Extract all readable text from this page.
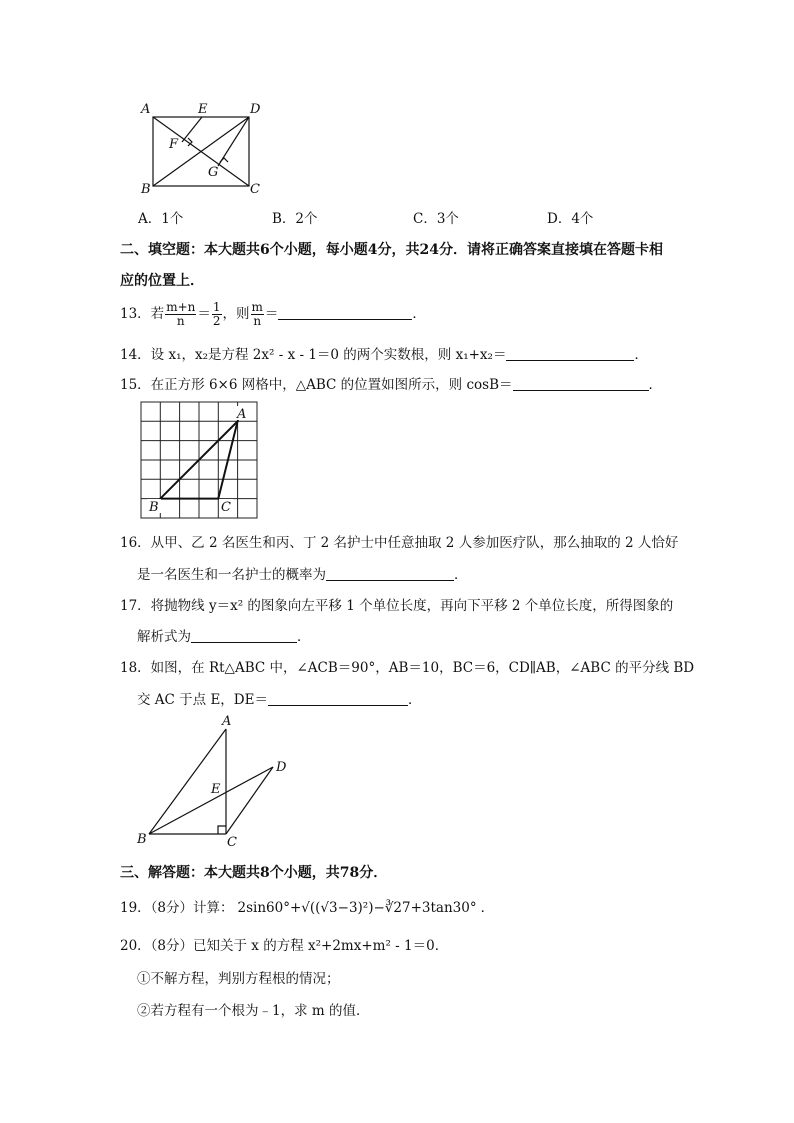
A	E	D
F
G
B	C
A．1个	B．2个	C．3个	D．4个
二、填空题：本大题共6个小题，每小题4分，共24分．请将正确答案直接填在答题卡相
应的位置上．
13．若 $\frac{m+n}{n} = \frac{1}{2}$ ，则 $\frac{m}{n}$ ＝	．
14．设 x₁，x₂是方程 2x² - x - 1＝0 的两个实数根，则 x₁+x₂＝	．
15．在正方形 6×6 网格中，△ABC 的位置如图所示，则 cosB＝	．
A
B	C
16．从甲、乙 2 名医生和丙、丁 2 名护士中任意抽取 2 人参加医疗队，那么抽取的 2 人恰好
是一名医生和一名护士的概率为	．
17．将抛物线 y＝x² 的图象向左平移 1 个单位长度，再向下平移 2 个单位长度，所得图象的
解析式为	．
18．如图，在 Rt△ABC 中，∠ACB＝90°，AB＝10，BC＝6，CD∥AB，∠ABC 的平分线 BD
交 AC 于点 E，DE＝	．
A
D
E
B	C
三、解答题：本大题共8个小题，共78分．
19．（8分）计算： 2sin60°+√((√3−3)²)−∛27+3tan30° ．
20．（8分）已知关于 x 的方程 x²+2mx+m² - 1＝0．
①不解方程，判别方程根的情况；
②若方程有一个根为﹣1，求 m 的值．
